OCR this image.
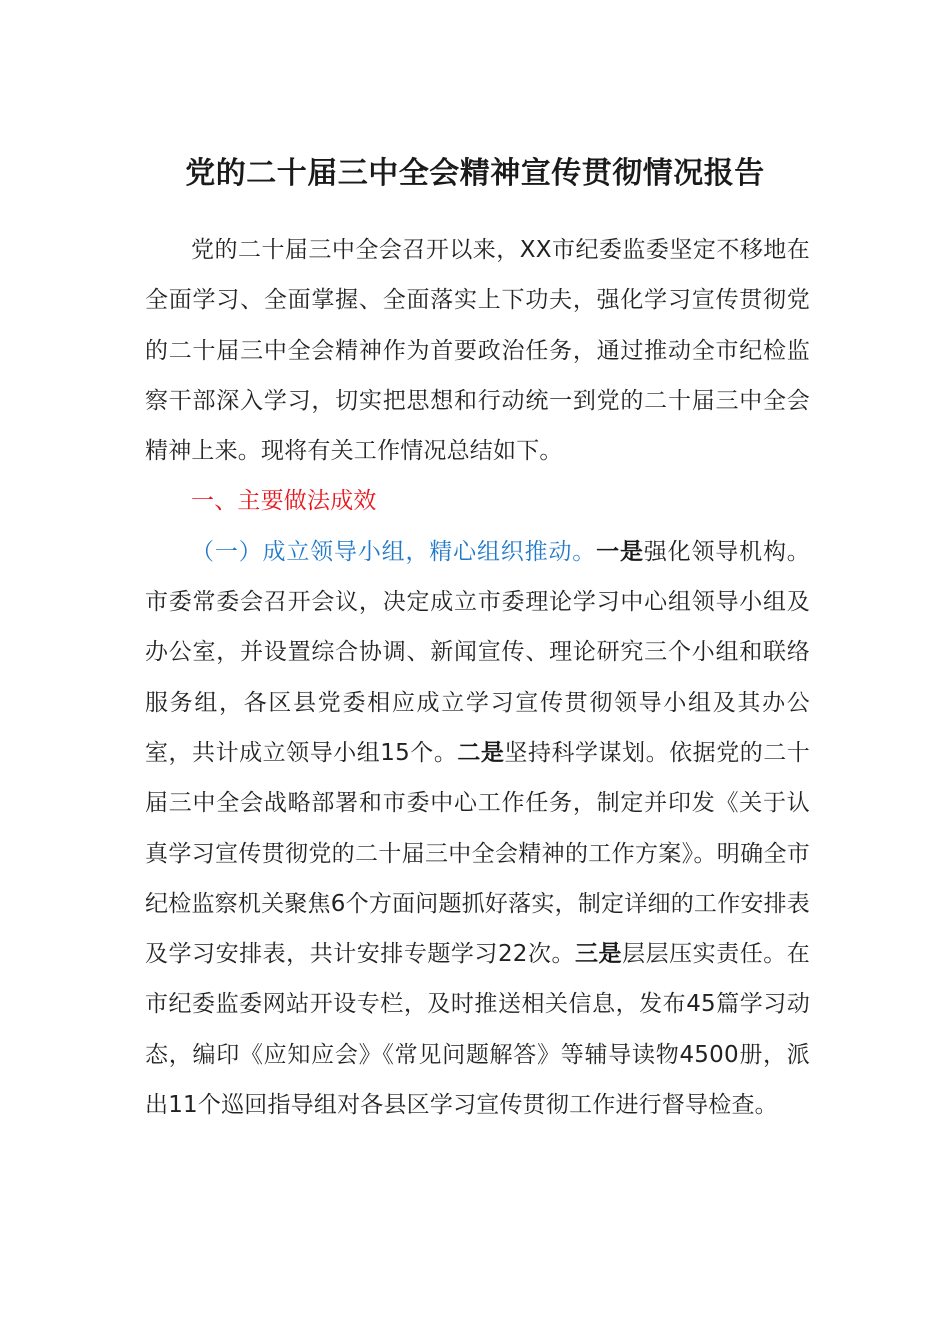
党的二十届三中全会精神宣传贯彻情况报告

党的二十届三中全会召开以来，XX市纪委监委坚定不移地在全面学习、全面掌握、全面落实上下功夫，强化学习宣传贯彻党的二十届三中全会精神作为首要政治任务，通过推动全市纪检监察干部深入学习，切实把思想和行动统一到党的二十届三中全会精神上来。现将有关工作情况总结如下。

一、主要做法成效

（一）成立领导小组，精心组织推动。一是强化领导机构。市委常委会召开会议，决定成立市委理论学习中心组领导小组及办公室，并设置综合协调、新闻宣传、理论研究三个小组和联络服务组，各区县党委相应成立学习宣传贯彻领导小组及其办公室，共计成立领导小组15个。二是坚持科学谋划。依据党的二十届三中全会战略部署和市委中心工作任务，制定并印发《关于认真学习宣传贯彻党的二十届三中全会精神的工作方案》。明确全市纪检监察机关聚焦6个方面问题抓好落实，制定详细的工作安排表及学习安排表，共计安排专题学习22次。三是层层压实责任。在市纪委监委网站开设专栏，及时推送相关信息，发布45篇学习动态，编印《应知应会》《常见问题解答》等辅导读物4500册，派出11个巡回指导组对各县区学习宣传贯彻工作进行督导检查。
